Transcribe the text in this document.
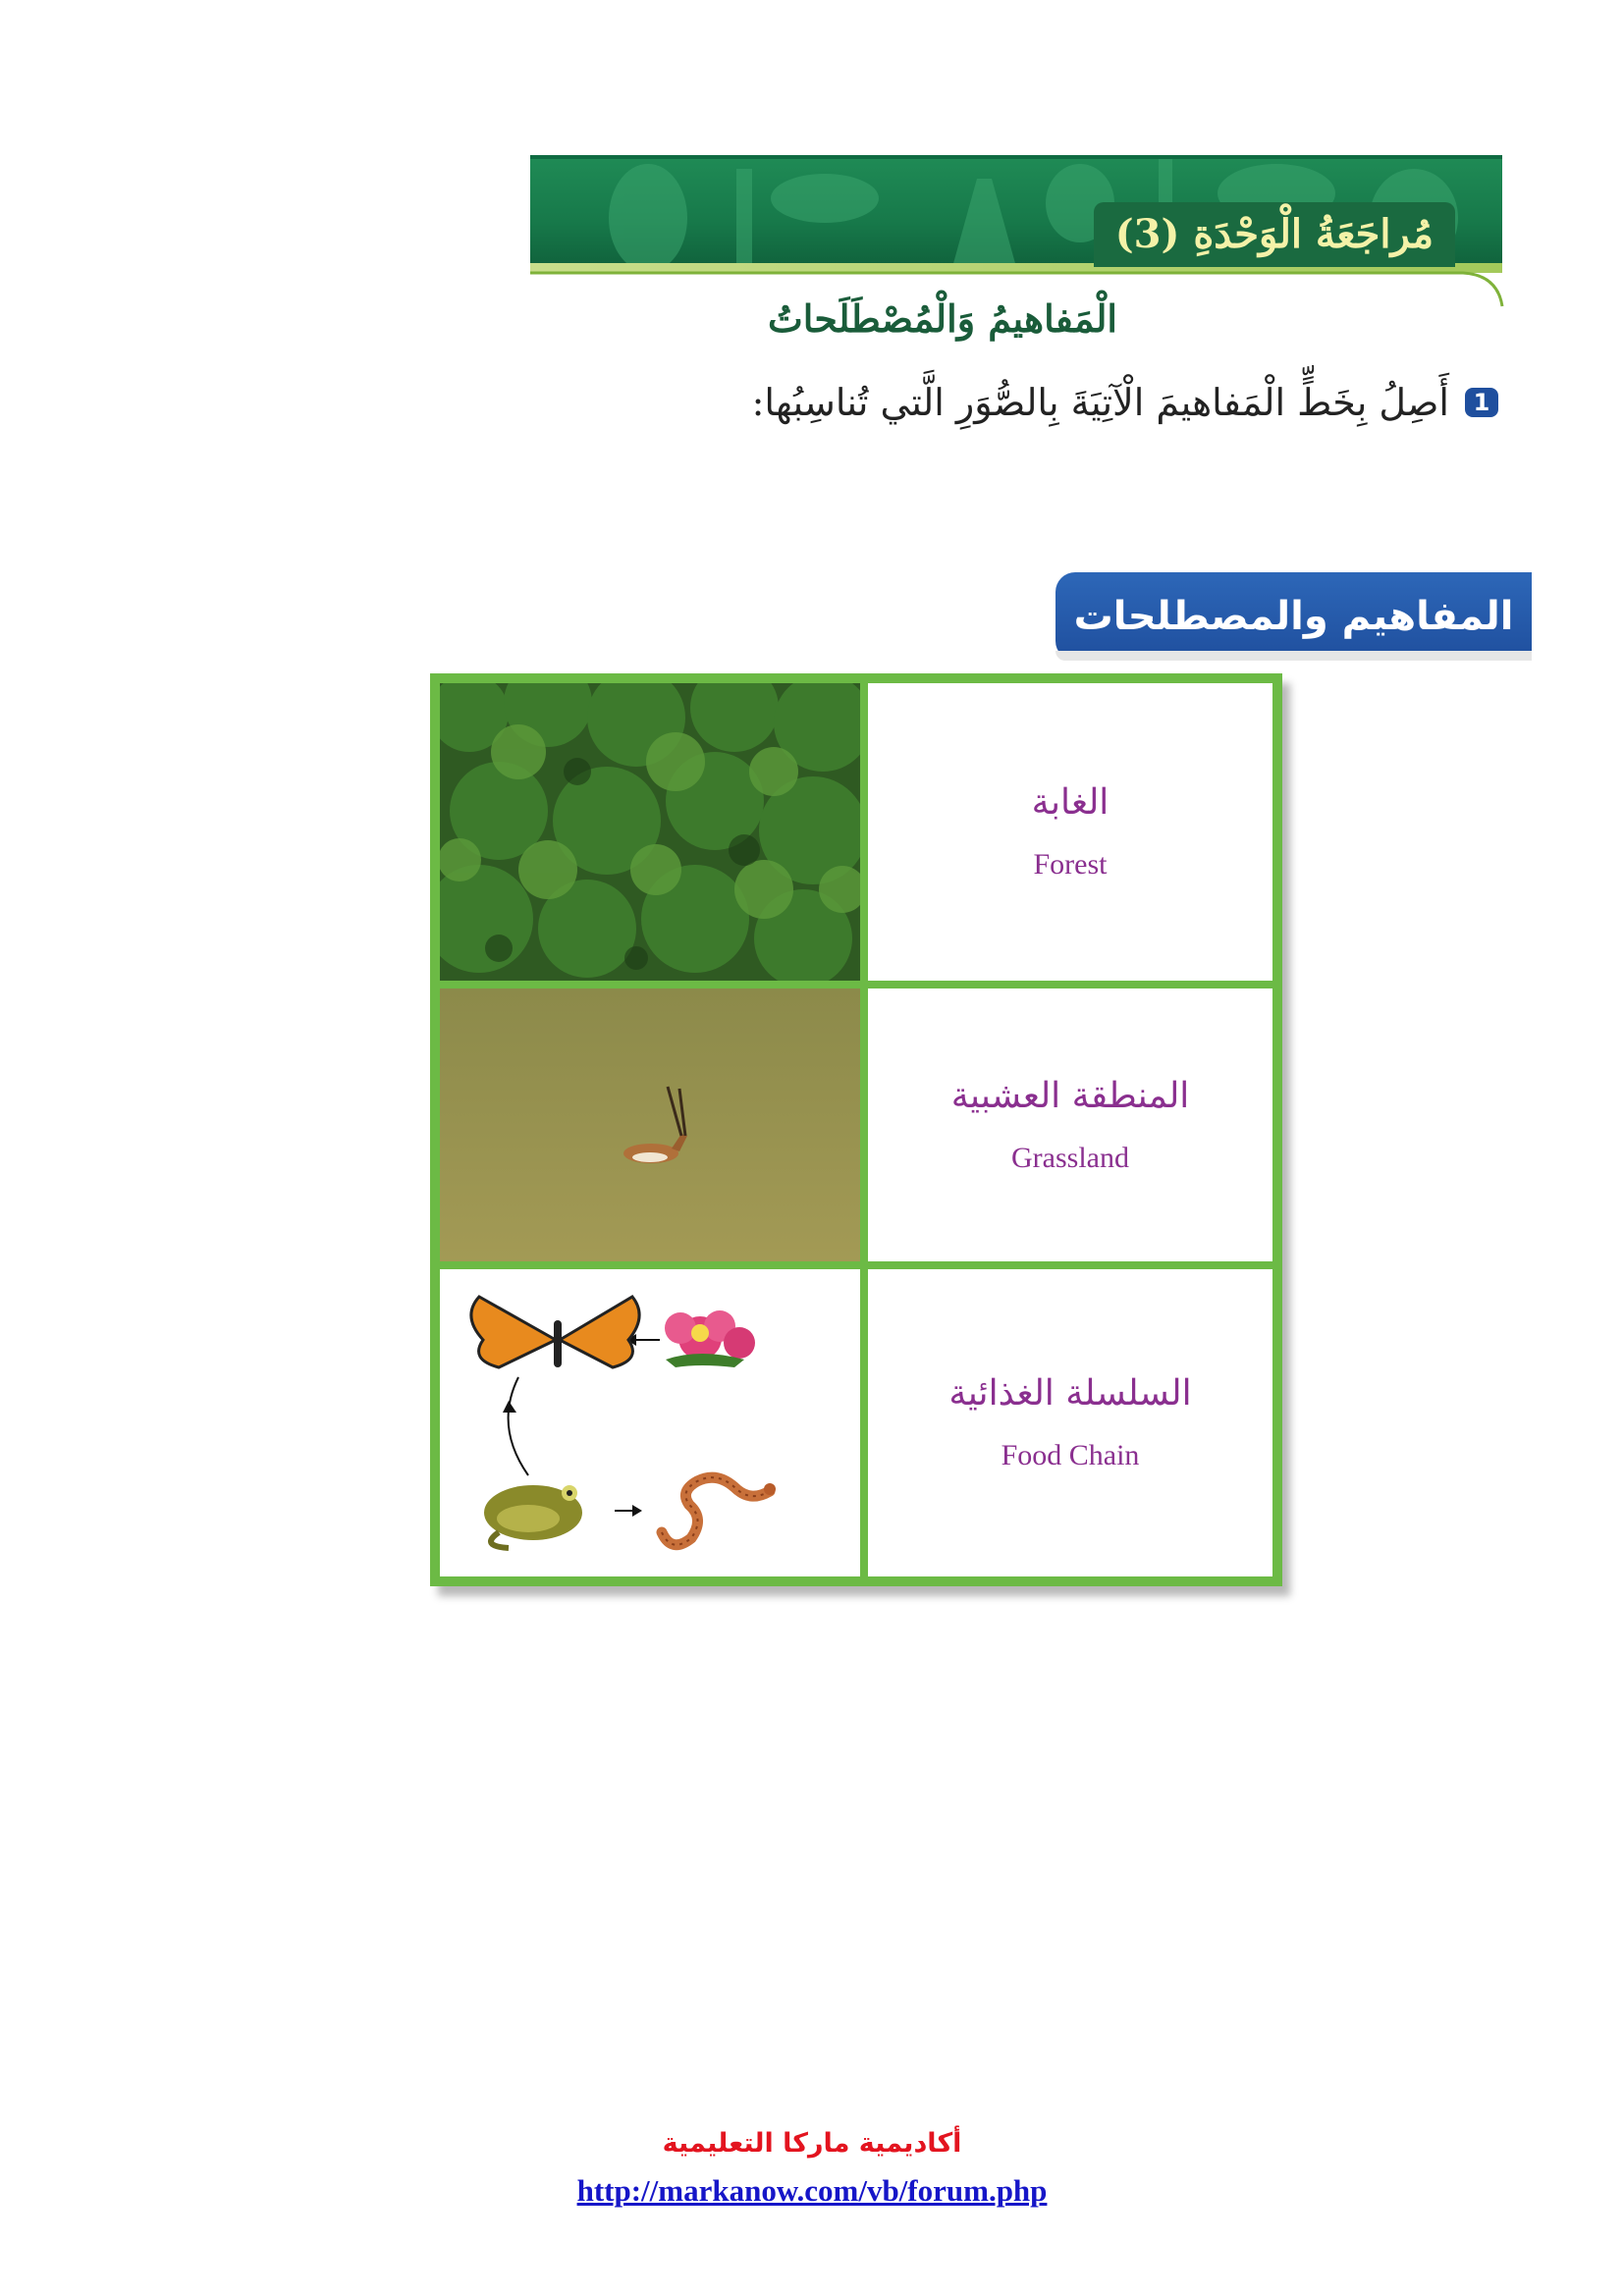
مُراجَعَةُ الْوَحْدَةِ (3)
الْمَفاهيمُ وَالْمُصْطَلَحاتُ
1
أَصِلُ بِخَطٍّ الْمَفاهيمَ الْآتِيَةَ بِالصُّوَرِ الَّتي تُناسِبُها:
المفاهيم والمصطلحات
الغابة
Forest
المنطقة العشبية
Grassland
السلسلة الغذائية
Food Chain
أكاديمية ماركا التعليمية
http://markanow.com/vb/forum.php
